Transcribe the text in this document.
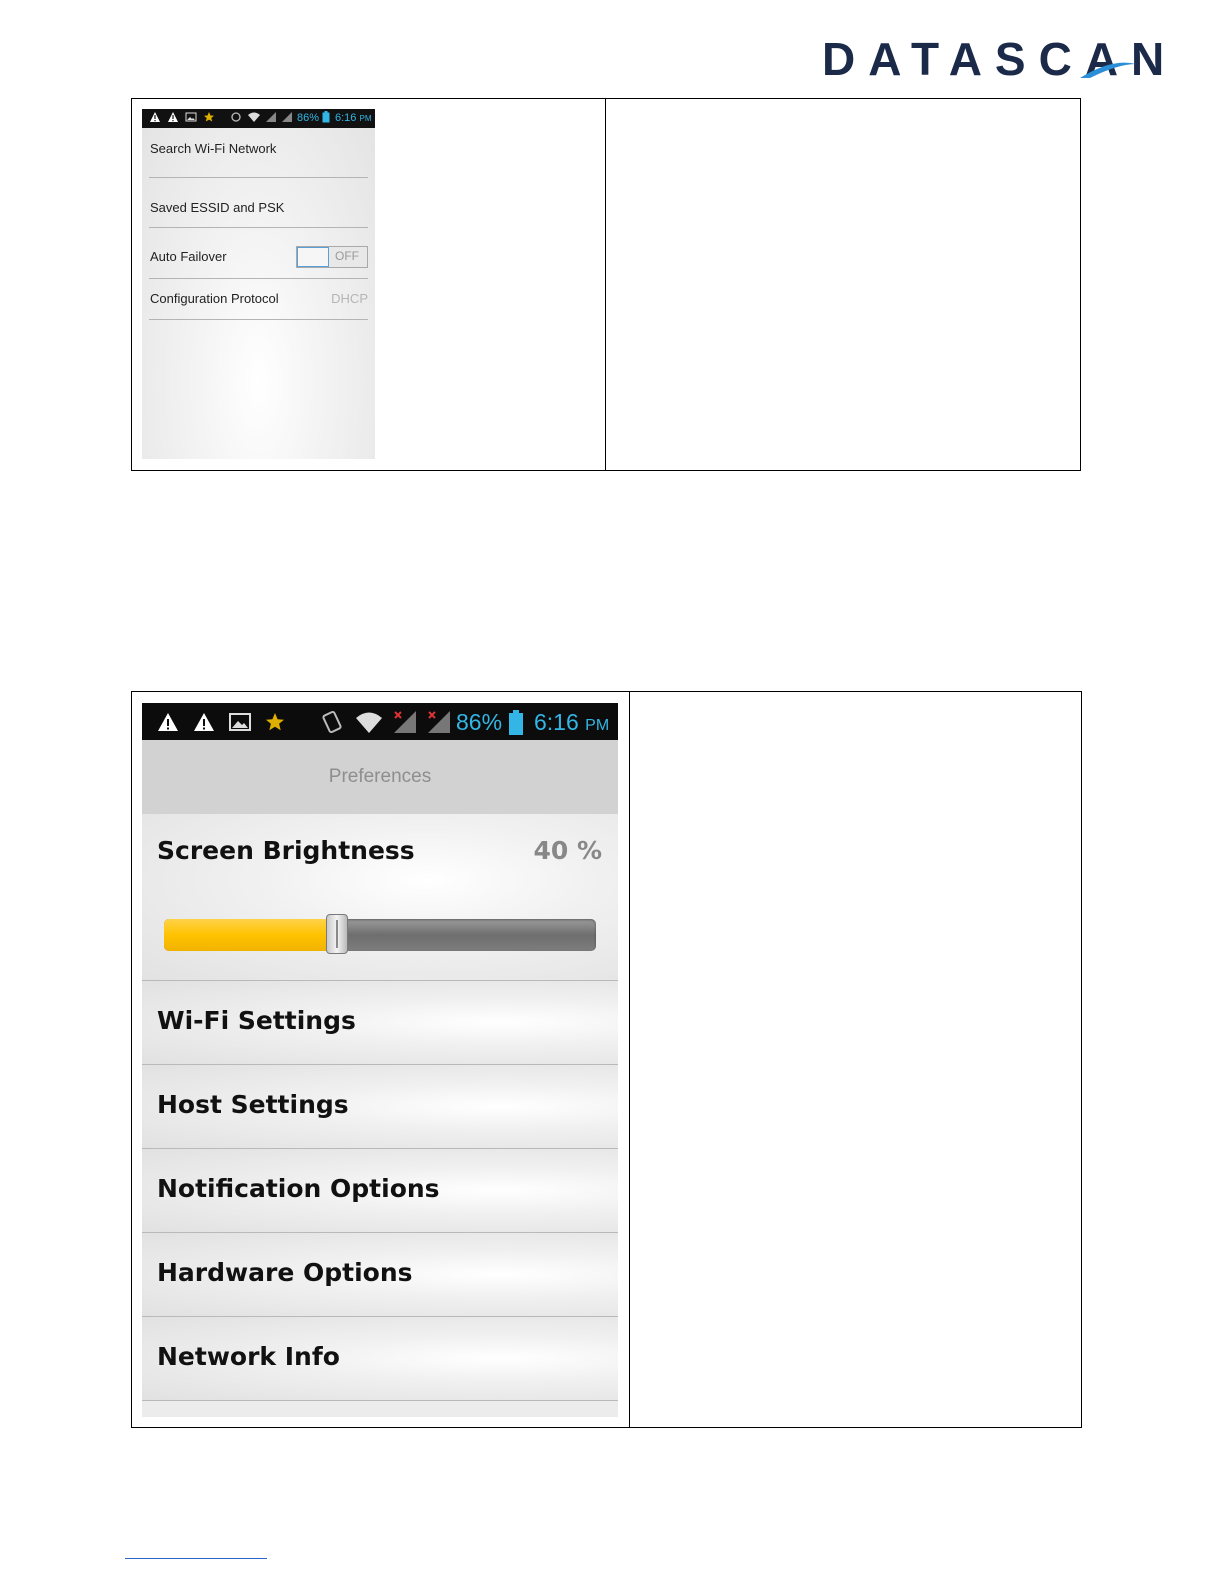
DATASCAN
86% 6:16 PM
Search Wi-Fi Network
Saved ESSID and PSK
Auto Failover	OFF
Configuration Protocol	DHCP
86% 6:16 PM
Preferences
Screen Brightness	40 %
Wi-Fi Settings
Host Settings
Notification Options
Hardware Options
Network Info
